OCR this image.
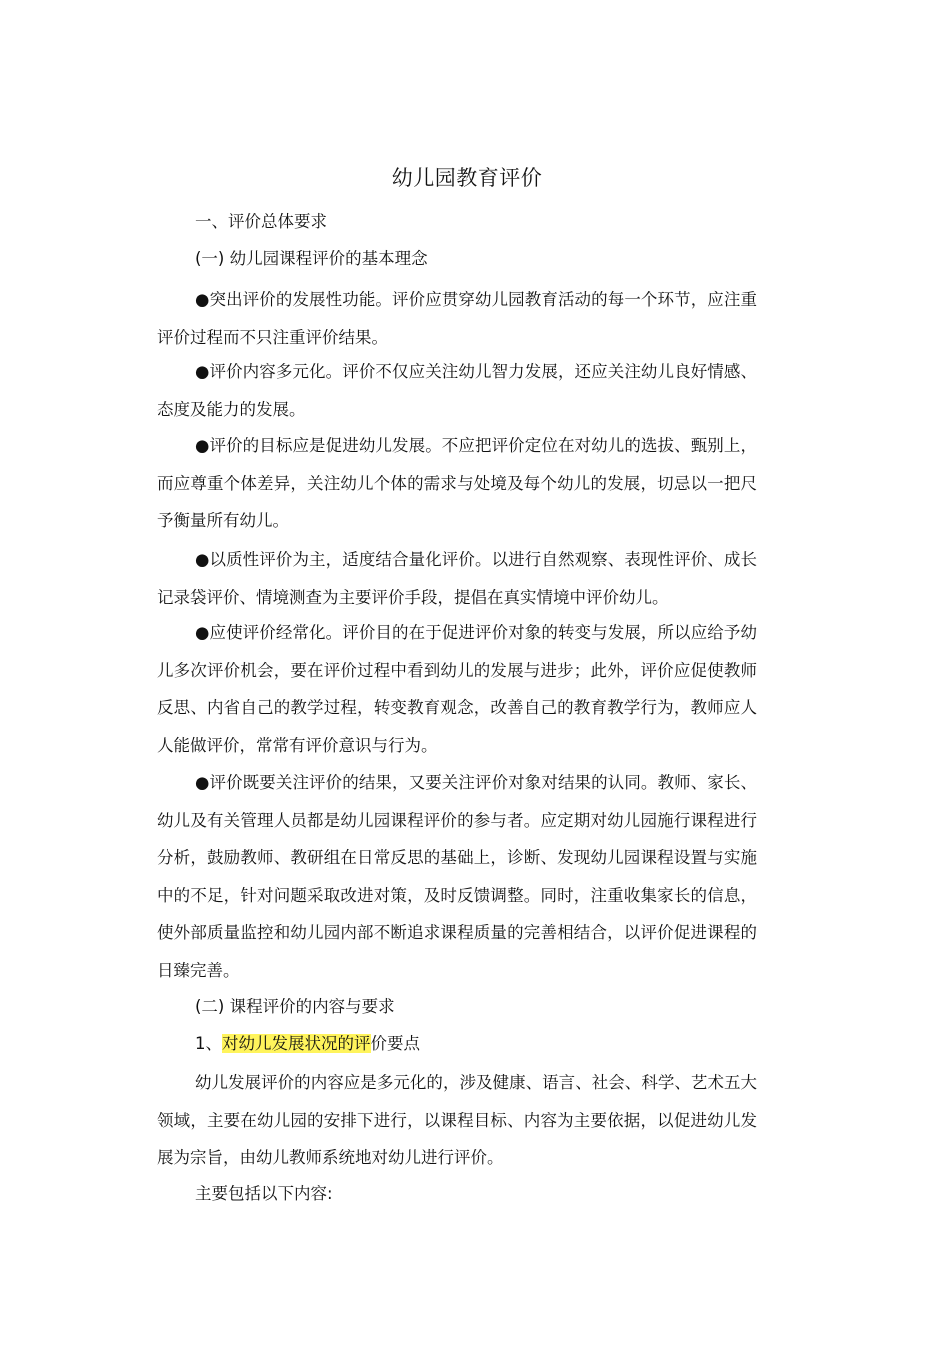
幼儿园教育评价
一、评价总体要求
(一) 幼儿园课程评价的基本理念
●突出评价的发展性功能。评价应贯穿幼儿园教育活动的每一个环节，应注重评价过程而不只注重评价结果。
●评价内容多元化。评价不仅应关注幼儿智力发展，还应关注幼儿良好情感、态度及能力的发展。
●评价的目标应是促进幼儿发展。不应把评价定位在对幼儿的选拔、甄别上，而应尊重个体差异，关注幼儿个体的需求与处境及每个幼儿的发展，切忌以一把尺予衡量所有幼儿。
●以质性评价为主，适度结合量化评价。以进行自然观察、表现性评价、成长记录袋评价、情境测查为主要评价手段，提倡在真实情境中评价幼儿。
●应使评价经常化。评价目的在于促进评价对象的转变与发展，所以应给予幼儿多次评价机会，要在评价过程中看到幼儿的发展与进步；此外，评价应促使教师反思、内省自己的教学过程，转变教育观念，改善自己的教育教学行为，教师应人人能做评价，常常有评价意识与行为。
●评价既要关注评价的结果，又要关注评价对象对结果的认同。教师、家长、幼儿及有关管理人员都是幼儿园课程评价的参与者。应定期对幼儿园施行课程进行分析，鼓励教师、教研组在日常反思的基础上，诊断、发现幼儿园课程设置与实施中的不足，针对问题采取改进对策，及时反馈调整。同时，注重收集家长的信息，使外部质量监控和幼儿园内部不断追求课程质量的完善相结合，以评价促进课程的日臻完善。
(二) 课程评价的内容与要求
1、对幼儿发展状况的评价要点
幼儿发展评价的内容应是多元化的，涉及健康、语言、社会、科学、艺术五大领域，主要在幼儿园的安排下进行，以课程目标、内容为主要依据，以促进幼儿发展为宗旨，由幼儿教师系统地对幼儿进行评价。
主要包括以下内容:
